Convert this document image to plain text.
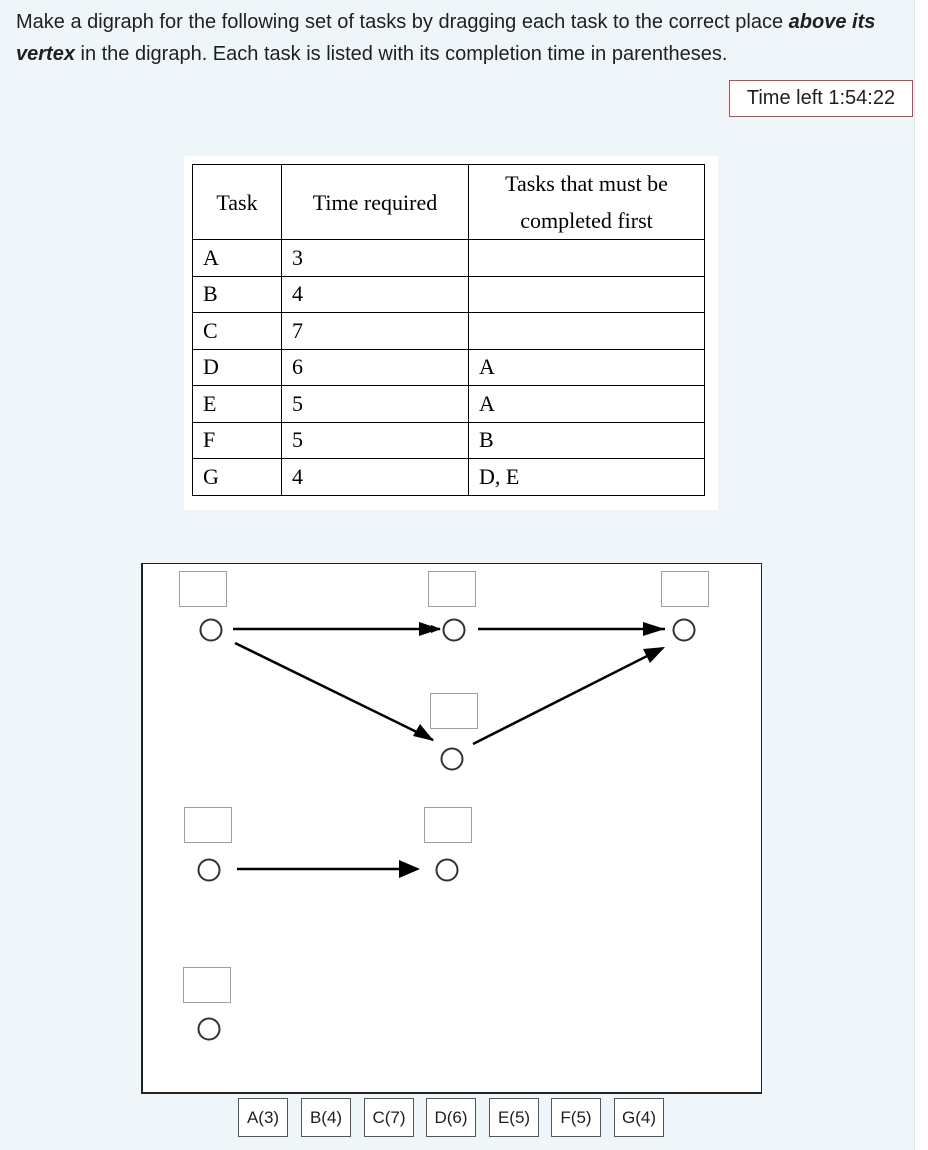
Make a digraph for the following set of tasks by dragging each task to the correct place above its vertex in the digraph. Each task is listed with its completion time in parentheses.

Time left 1:54:22
Task	Time required	Tasks that must be
completed first
A	3	
B	4	
C	7	
D	6	A
E	5	A
F	5	B
G	4	D, E
A(3)	B(4)	C(7)	D(6)	E(5)	F(5)	G(4)
